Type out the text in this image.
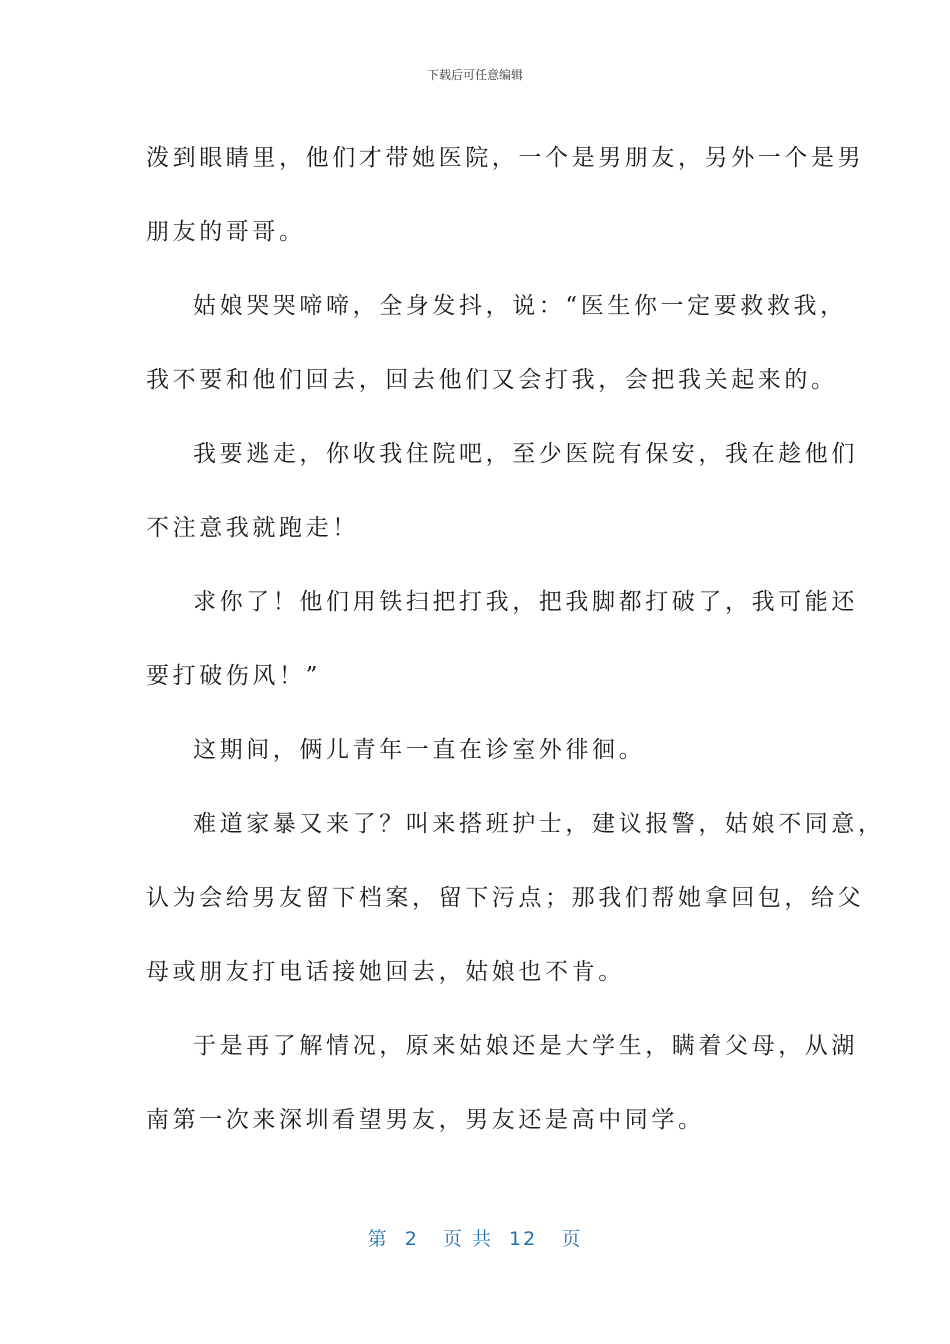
下载后可任意编辑
泼到眼睛里，他们才带她医院，一个是男朋友，另外一个是男
朋友的哥哥。
姑娘哭哭啼啼，全身发抖，说：“医生你一定要救救我，
我不要和他们回去，回去他们又会打我，会把我关起来的。
我要逃走，你收我住院吧，至少医院有保安，我在趁他们
不注意我就跑走！
求你了！他们用铁扫把打我，把我脚都打破了，我可能还
要打破伤风！”
这期间，俩儿青年一直在诊室外徘徊。
难道家暴又来了？叫来搭班护士，建议报警，姑娘不同意，
认为会给男友留下档案，留下污点；那我们帮她拿回包，给父
母或朋友打电话接她回去，姑娘也不肯。
于是再了解情况，原来姑娘还是大学生，瞒着父母，从湖
南第一次来深圳看望男友，男友还是高中同学。
第  2   页 共  12   页
